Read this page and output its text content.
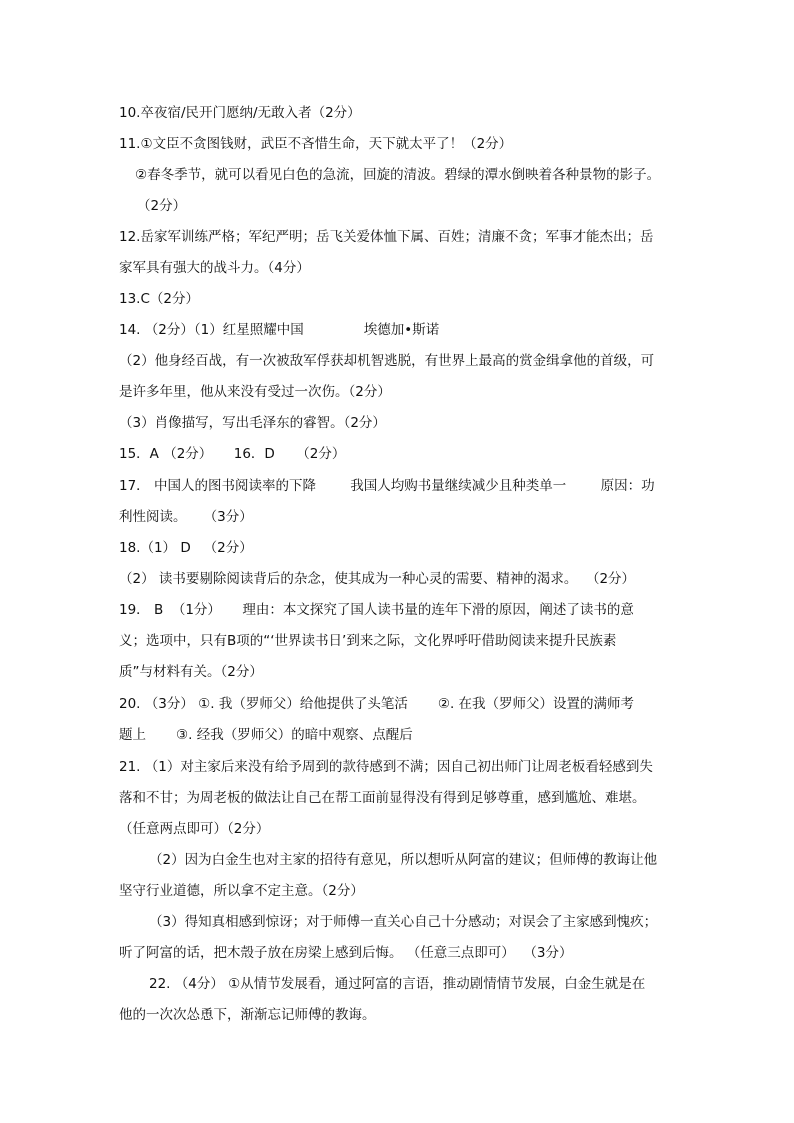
10.卒夜宿/民开门愿纳/无敢入者（2分）
11.①文臣不贪图钱财，武臣不吝惜生命，天下就太平了！（2分）
②春冬季节，就可以看见白色的急流，回旋的清波。碧绿的潭水倒映着各种景物的影子。
（2分）
12.岳家军训练严格；军纪严明；岳飞关爱体恤下属、百姓；清廉不贪；军事才能杰出；岳
家军具有强大的战斗力。（4分）
13.C（2分）
14. （2分）（1）红星照耀中国              埃德加•斯诺
（2）他身经百战，有一次被敌军俘获却机智逃脱，有世界上最高的赏金缉拿他的首级，可
是许多年里，他从来没有受过一次伤。（2分）
（3）肖像描写，写出毛泽东的睿智。（2分）
15．A （2分）     16．D     （2分）
17． 中国人的图书阅读率的下降        我国人均购书量继续减少且种类单一        原因：功
利性阅读。    （3分）
18.（1） D   （2分）
（2） 读书要剔除阅读背后的杂念，使其成为一种心灵的需要、精神的渴求。  （2分）
19． B  （1分）     理由：本文探究了国人读书量的连年下滑的原因，阐述了读书的意
义；选项中，只有B项的“‘世界读书日’到来之际，文化界呼吁借助阅读来提升民族素
质”与材料有关。（2分）
20. （3分） ①. 我（罗师父）给他提供了头笔活       ②. 在我（罗师父）设置的满师考
题上       ③. 经我（罗师父）的暗中观察、点醒后
21. （1）对主家后来没有给予周到的款待感到不满；因自己初出师门让周老板看轻感到失
落和不甘；为周老板的做法让自己在帮工面前显得没有得到足够尊重，感到尴尬、难堪。
（任意两点即可）（2分）
（2）因为白金生也对主家的招待有意见，所以想听从阿富的建议；但师傅的教诲让他
坚守行业道德，所以拿不定主意。（2分）
（3）得知真相感到惊讶；对于师傅一直关心自己十分感动；对误会了主家感到愧疚；
听了阿富的话，把木殼子放在房梁上感到后悔。 （任意三点即可）  （3分）
22. （4分） ①从情节发展看，通过阿富的言语，推动剧情情节发展，白金生就是在
他的一次次怂恿下，渐渐忘记师傅的教诲。
